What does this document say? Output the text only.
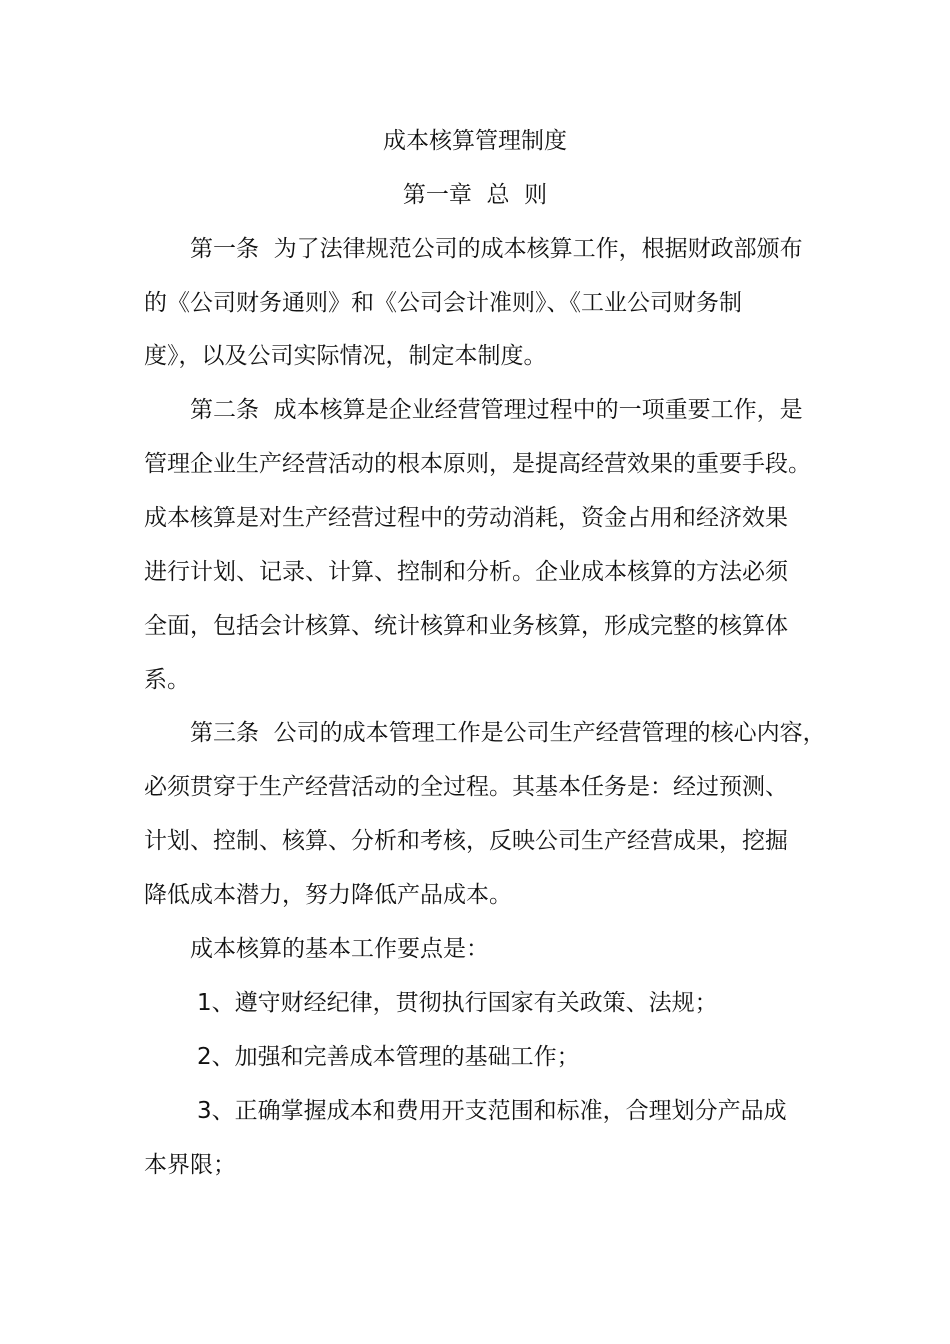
成本核算管理制度
第一章  总  则
第一条  为了法律规范公司的成本核算工作，根据财政部颁布
的《公司财务通则》和《公司会计准则》、《工业公司财务制
度》，以及公司实际情况，制定本制度。
第二条  成本核算是企业经营管理过程中的一项重要工作，是
管理企业生产经营活动的根本原则，是提高经营效果的重要手段。
成本核算是对生产经营过程中的劳动消耗，资金占用和经济效果
进行计划、记录、计算、控制和分析。企业成本核算的方法必须
全面，包括会计核算、统计核算和业务核算，形成完整的核算体
系。
第三条  公司的成本管理工作是公司生产经营管理的核心内容，
必须贯穿于生产经营活动的全过程。其基本任务是：经过预测、
计划、控制、核算、分析和考核，反映公司生产经营成果，挖掘
降低成本潜力，努力降低产品成本。
成本核算的基本工作要点是：
1、遵守财经纪律，贯彻执行国家有关政策、法规；
2、加强和完善成本管理的基础工作；
3、正确掌握成本和费用开支范围和标准，合理划分产品成
本界限；
